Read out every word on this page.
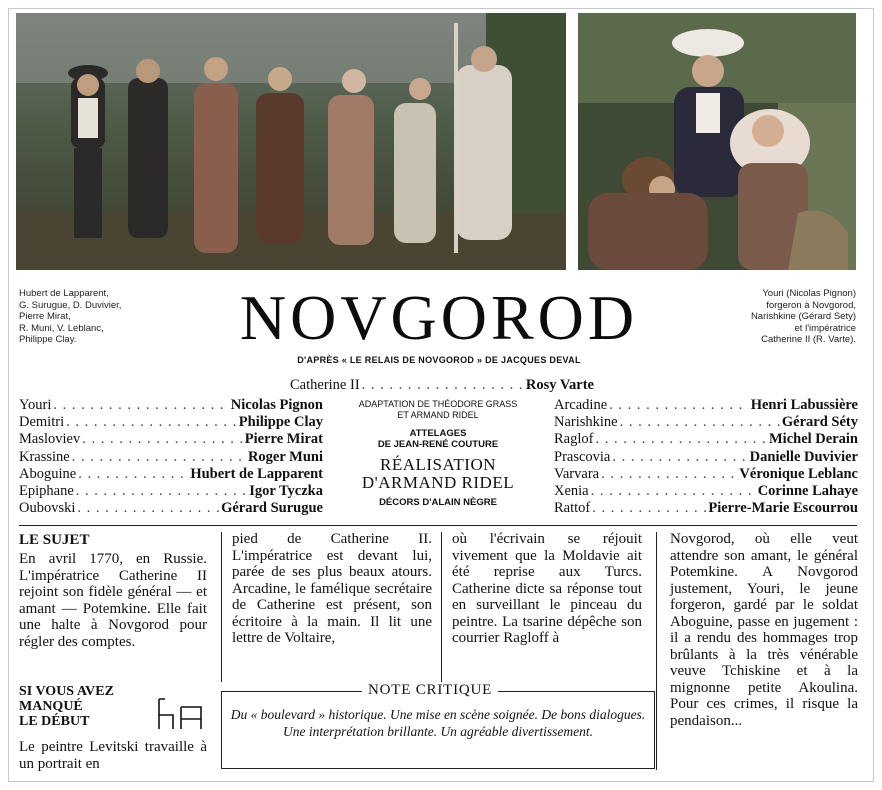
Hubert de Lapparent,
G. Surugue, D. Duvivier,
Pierre Mirat,
R. Muni, V. Leblanc,
Philippe Clay.
Youri (Nicolas Pignon)
forgeron à Novgorod,
Narishkine (Gérard Sety)
et l'impératrice
Catherine II (R. Varte).
NOVGOROD
D'APRÈS « LE RELAIS DE NOVGOROD » DE JACQUES DEVAL
Catherine II . . .	Rosy Varte
Youri . . .	Nicolas Pignon
Demitri . . .	Philippe Clay
Masloviev . . .	Pierre Mirat
Krassine . . .	Roger Muni
Aboguine . . .	Hubert de Lapparent
Epiphane . . .	Igor Tyczka
Oubovski . . .	Gérard Surugue
ADAPTATION DE THÉODORE GRASS
ET ARMAND RIDEL
ATTELAGES
DE JEAN-RENÉ COUTURE
RÉALISATION
D'ARMAND RIDEL
DÉCORS D'ALAIN NÈGRE
Arcadine . . .	Henri Labussière
Narishkine . . .	Gérard Séty
Raglof . . .	Michel Derain
Prascovia . . .	Danielle Duvivier
Varvara . . .	Véronique Leblanc
Xenia . . .	Corinne Lahaye
Rattof . . .	Pierre-Marie Escourrou
LE SUJET
En avril 1770, en Russie. L'impératrice Catherine II rejoint son fidèle général — et amant — Potemkine. Elle fait une halte à Novgorod pour régler des comptes.
SI VOUS AVEZ
MANQUÉ
LE DÉBUT
Le peintre Levitski travaille à un portrait en
pied de Catherine II. L'impératrice est devant lui, parée de ses plus beaux atours. Arcadine, le famélique secrétaire de Catherine est présent, son écritoire à la main. Il lit une lettre de Voltaire,
où l'écrivain se réjouit vivement que la Moldavie ait été reprise aux Turcs. Catherine dicte sa réponse tout en surveillant le pinceau du peintre. La tsarine dépêche son courrier Ragloff à
Novgorod, où elle veut attendre son amant, le général Potemkine. A Novgorod justement, Youri, le jeune forgeron, gardé par le soldat Aboguine, passe en jugement : il a rendu des hommages trop brûlants à la très vénérable veuve Tchiskine et à la mignonne petite Akoulina. Pour ces crimes, il risque la pendaison...
NOTE CRITIQUE
Du « boulevard » historique. Une mise en scène soignée. De bons dialogues. Une interprétation brillante. Un agréable divertissement.
